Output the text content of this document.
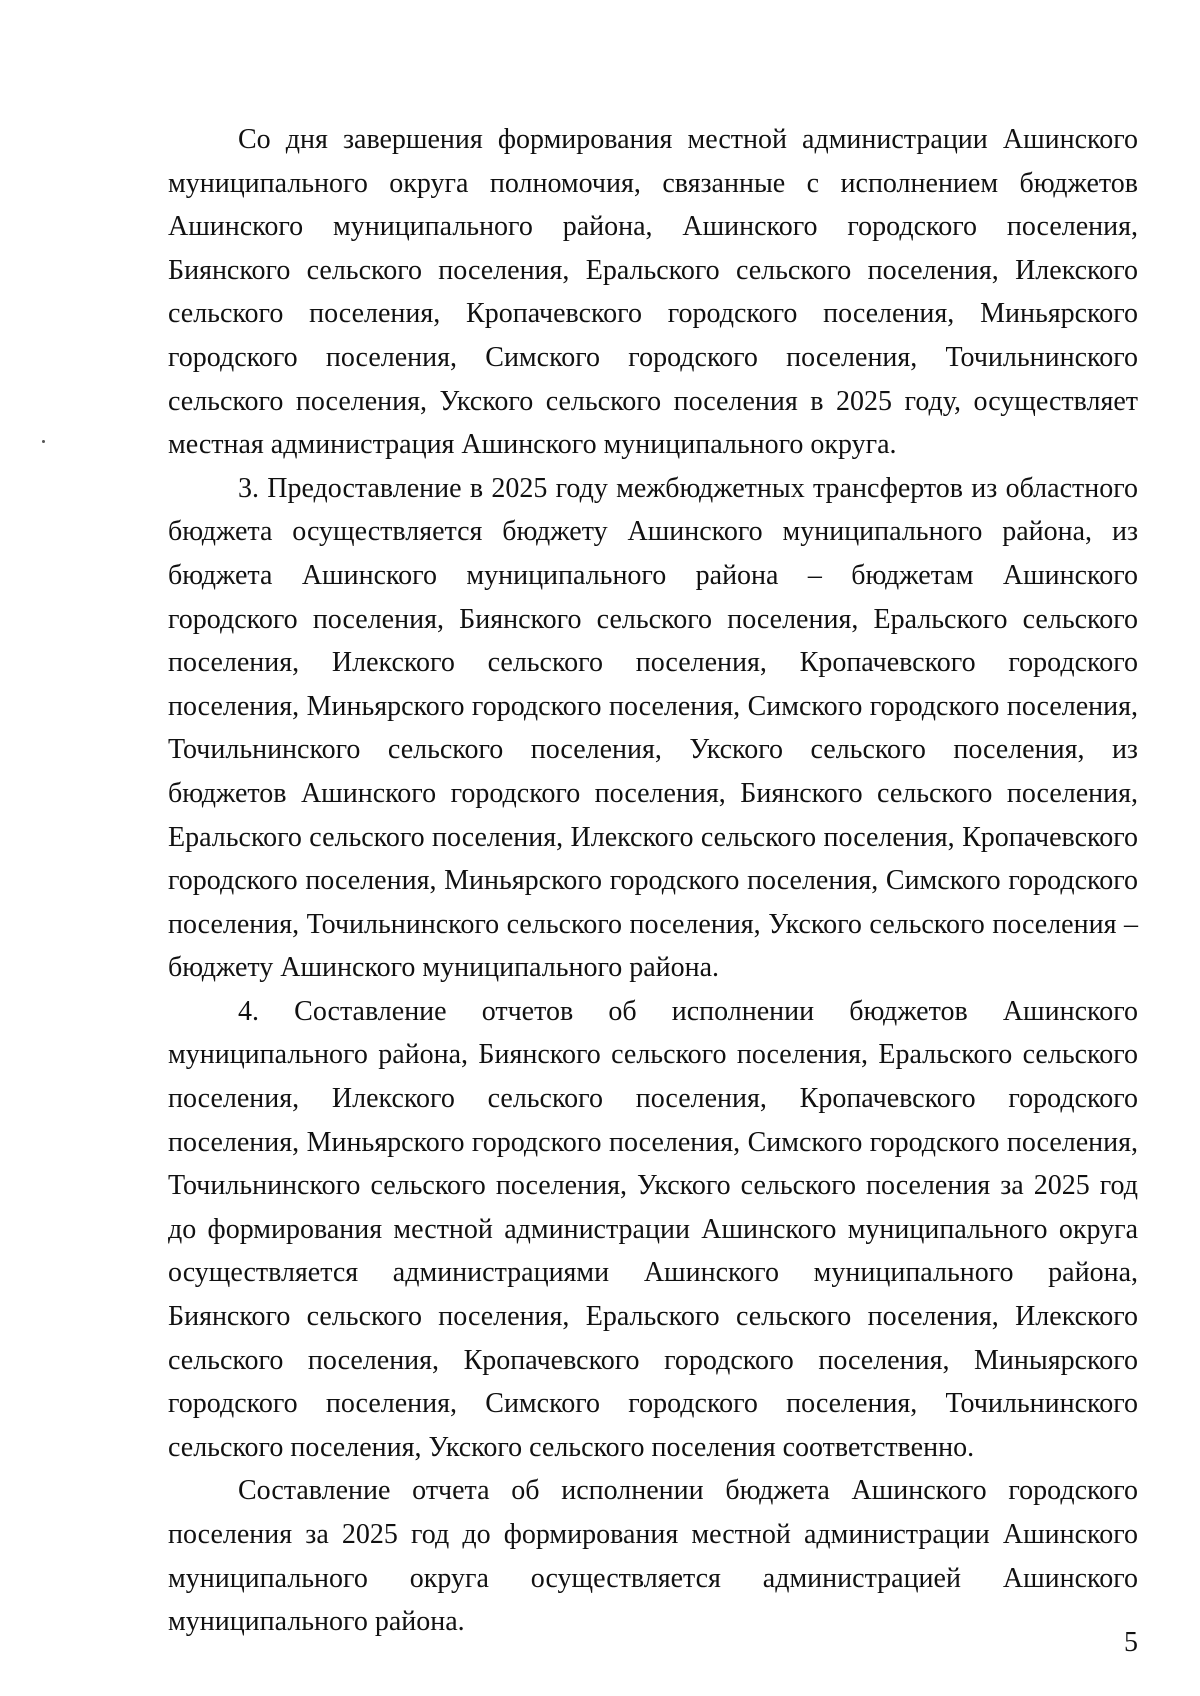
Со дня завершения формирования местной администрации Ашинского муниципального округа полномочия, связанные с исполнением бюджетов Ашинского муниципального района, Ашинского городского поселения, Биянского сельского поселения, Еральского сельского поселения, Илекского сельского поселения, Кропачевского городского поселения, Миньярского городского поселения, Симского городского поселения, Точильнинского сельского поселения, Укского сельского поселения в 2025 году, осуществляет местная администрация Ашинского муниципального округа.

3. Предоставление в 2025 году межбюджетных трансфертов из областного бюджета осуществляется бюджету Ашинского муниципального района, из бюджета Ашинского муниципального района – бюджетам Ашинского городского поселения, Биянского сельского поселения, Еральского сельского поселения, Илекского сельского поселения, Кропачевского городского поселения, Миньярского городского поселения, Симского городского поселения, Точильнинского сельского поселения, Укского сельского поселения, из бюджетов Ашинского городского поселения, Биянского сельского поселения, Еральского сельского поселения, Илекского сельского поселения, Кропачевского городского поселения, Миньярского городского поселения, Симского городского поселения, Точильнинского сельского поселения, Укского сельского поселения – бюджету Ашинского муниципального района.

4. Составление отчетов об исполнении бюджетов Ашинского муниципального района, Биянского сельского поселения, Еральского сельского поселения, Илекского сельского поселения, Кропачевского городского поселения, Миньярского городского поселения, Симского городского поселения, Точильнинского сельского поселения, Укского сельского поселения за 2025 год до формирования местной администрации Ашинского муниципального округа осуществляется администрациями Ашинского муниципального района, Биянского сельского поселения, Еральского сельского поселения, Илекского сельского поселения, Кропачевского городского поселения, Миныярского городского поселения, Симского городского поселения, Точильнинского сельского поселения, Укского сельского поселения соответственно.

Составление отчета об исполнении бюджета Ашинского городского поселения за 2025 год до формирования местной администрации Ашинского муниципального округа осуществляется администрацией Ашинского муниципального района.

5
